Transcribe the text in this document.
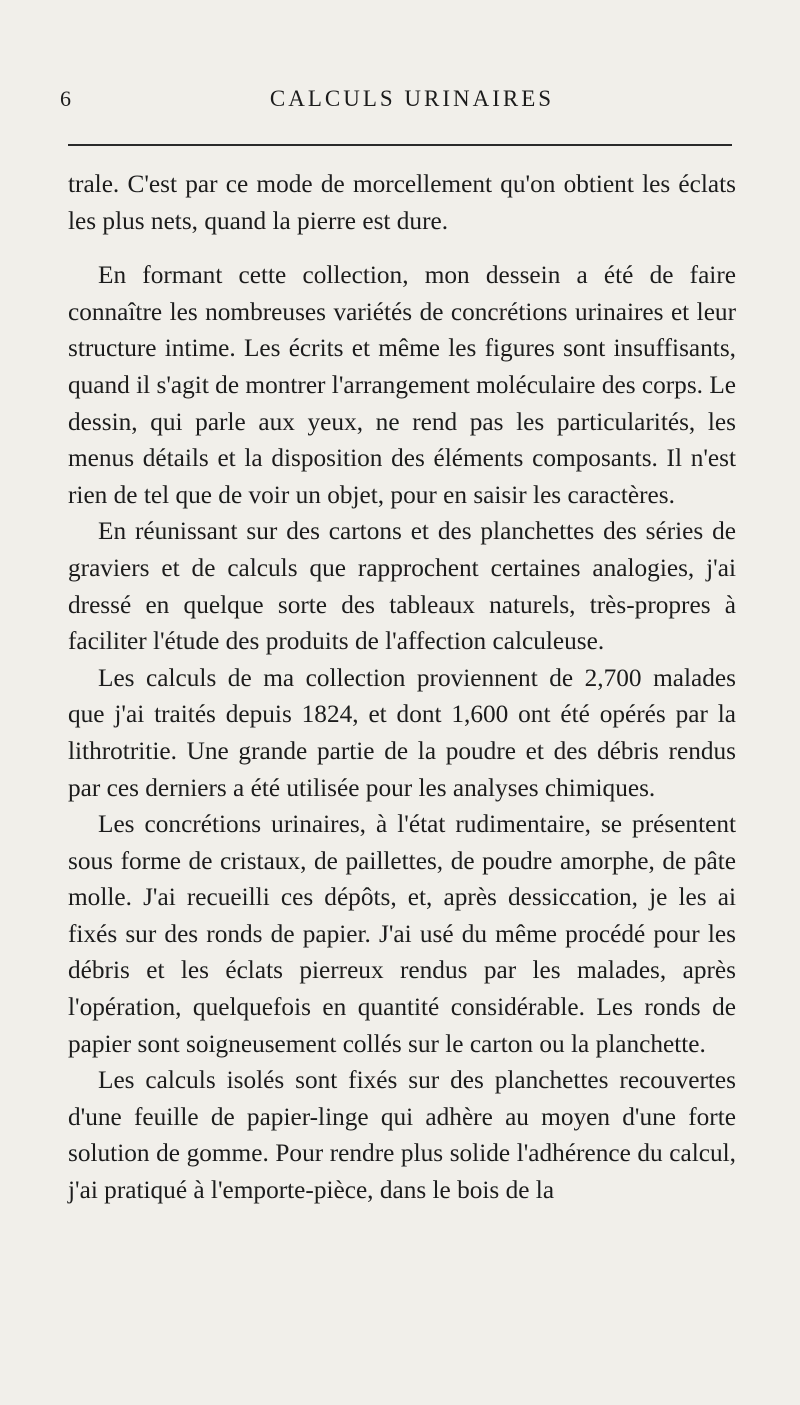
6	CALCULS URINAIRES

trale. C'est par ce mode de morcellement qu'on obtient les éclats les plus nets, quand la pierre est dure.

En formant cette collection, mon dessein a été de faire connaître les nombreuses variétés de concrétions urinaires et leur structure intime. Les écrits et même les figures sont insuffisants, quand il s'agit de montrer l'arrangement moléculaire des corps. Le dessin, qui parle aux yeux, ne rend pas les particularités, les menus détails et la disposition des éléments composants. Il n'est rien de tel que de voir un objet, pour en saisir les caractères.

En réunissant sur des cartons et des planchettes des séries de graviers et de calculs que rapprochent certaines analogies, j'ai dressé en quelque sorte des tableaux naturels, très-propres à faciliter l'étude des produits de l'affection calculeuse.

Les calculs de ma collection proviennent de 2,700 malades que j'ai traités depuis 1824, et dont 1,600 ont été opérés par la lithrotritie. Une grande partie de la poudre et des débris rendus par ces derniers a été utilisée pour les analyses chimiques.

Les concrétions urinaires, à l'état rudimentaire, se présentent sous forme de cristaux, de paillettes, de poudre amorphe, de pâte molle. J'ai recueilli ces dépôts, et, après dessiccation, je les ai fixés sur des ronds de papier. J'ai usé du même procédé pour les débris et les éclats pierreux rendus par les malades, après l'opération, quelquefois en quantité considérable. Les ronds de papier sont soigneusement collés sur le carton ou la planchette.

Les calculs isolés sont fixés sur des planchettes recouvertes d'une feuille de papier-linge qui adhère au moyen d'une forte solution de gomme. Pour rendre plus solide l'adhérence du calcul, j'ai pratiqué à l'emporte-pièce, dans le bois de la
